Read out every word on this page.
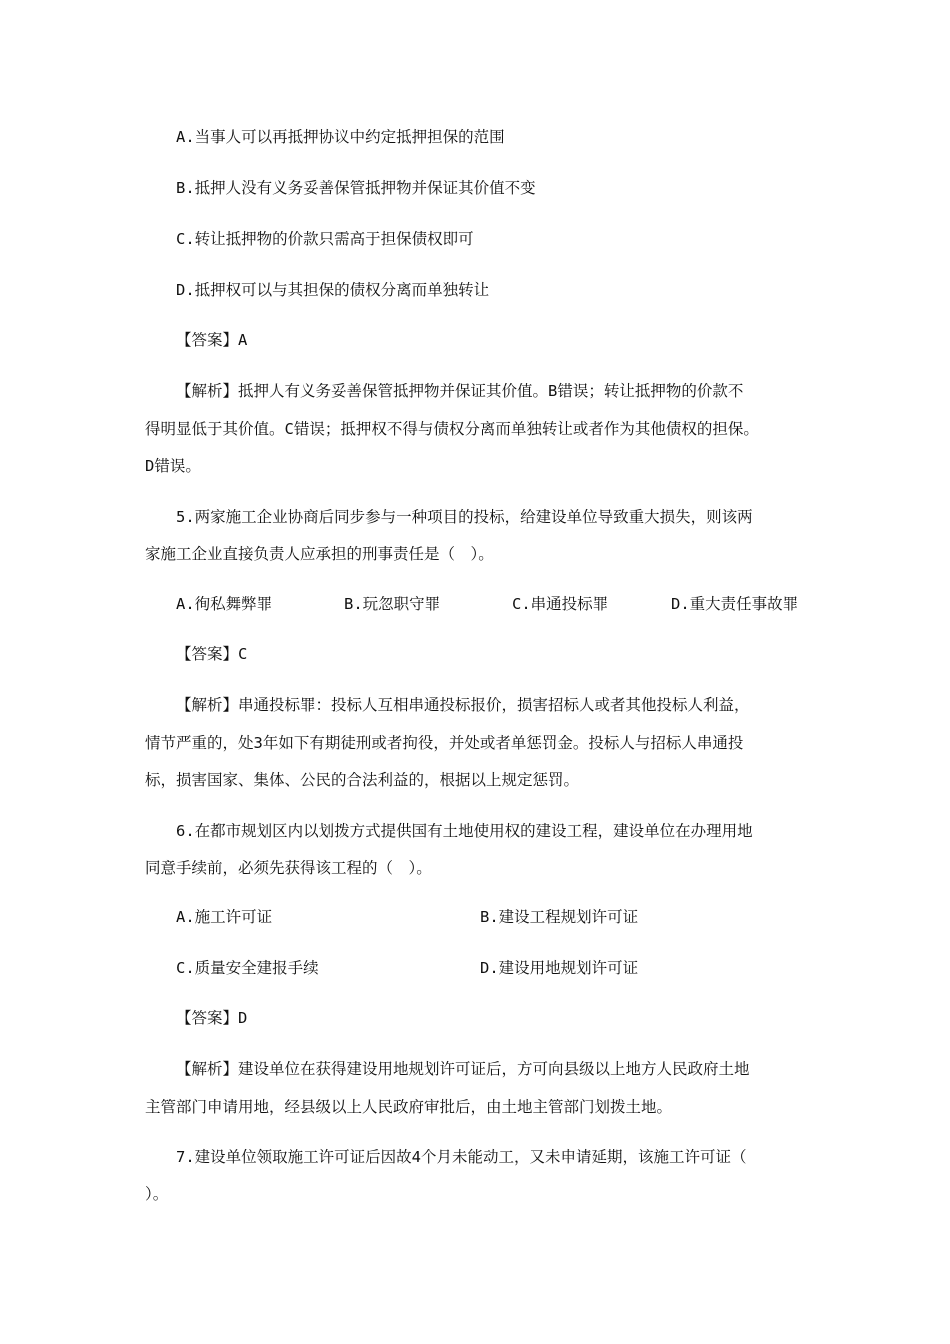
A.当事人可以再抵押协议中约定抵押担保的范围
B.抵押人没有义务妥善保管抵押物并保证其价值不变
C.转让抵押物的价款只需高于担保债权即可
D.抵押权可以与其担保的债权分离而单独转让
【答案】A
【解析】抵押人有义务妥善保管抵押物并保证其价值。B错误；转让抵押物的价款不
得明显低于其价值。C错误；抵押权不得与债权分离而单独转让或者作为其他债权的担保。
D错误。
5.两家施工企业协商后同步参与一种项目的投标，给建设单位导致重大损失，则该两
家施工企业直接负责人应承担的刑事责任是（　）。
A.徇私舞弊罪	B.玩忽职守罪	C.串通投标罪	D.重大责任事故罪
【答案】C
【解析】串通投标罪：投标人互相串通投标报价，损害招标人或者其他投标人利益，
情节严重的，处3年如下有期徒刑或者拘役，并处或者单惩罚金。投标人与招标人串通投
标，损害国家、集体、公民的合法利益的，根据以上规定惩罚。
6.在都市规划区内以划拨方式提供国有土地使用权的建设工程，建设单位在办理用地
同意手续前，必须先获得该工程的（　）。
A.施工许可证	B.建设工程规划许可证
C.质量安全建报手续	D.建设用地规划许可证
【答案】D
【解析】建设单位在获得建设用地规划许可证后，方可向县级以上地方人民政府土地
主管部门申请用地，经县级以上人民政府审批后，由土地主管部门划拨土地。
7.建设单位领取施工许可证后因故4个月未能动工，又未申请延期，该施工许可证（
）。
